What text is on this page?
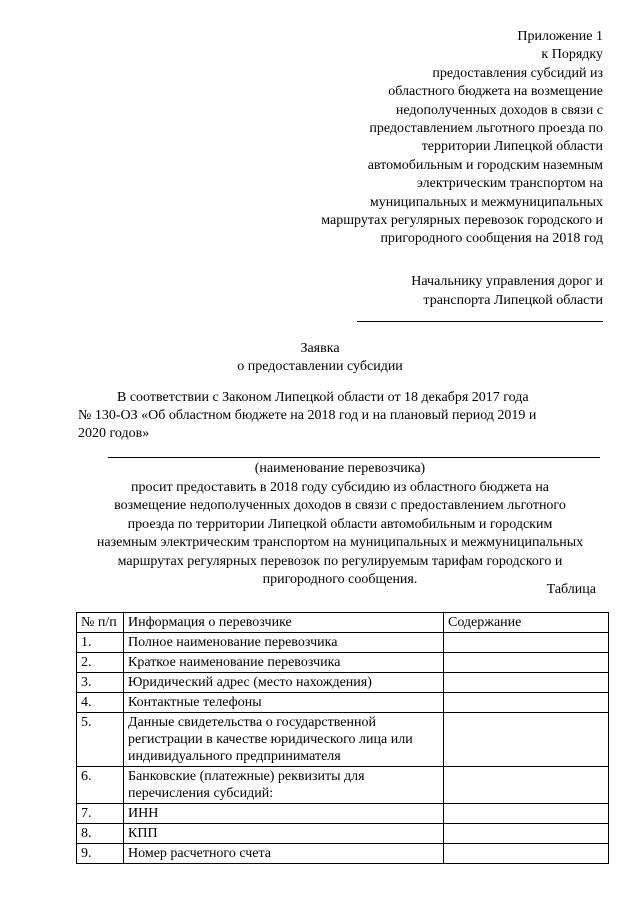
Приложение 1
к Порядку
предоставления субсидий из
областного бюджета на возмещение
недополученных доходов в связи с
предоставлением льготного проезда по
территории Липецкой области
автомобильным и городским наземным
электрическим транспортом на
муниципальных и межмуниципальных
маршрутах регулярных перевозок городского и
пригородного сообщения на 2018 год
Начальнику управления дорог и
транспорта Липецкой области
Заявка
о предоставлении субсидии
В соответствии с Законом Липецкой области от 18 декабря 2017 года
№ 130-ОЗ «Об областном бюджете на 2018 год и на плановый период 2019 и
2020 годов»
(наименование перевозчика)
просит предоставить в 2018 году субсидию из областного бюджета на
возмещение недополученных доходов в связи с предоставлением льготного
проезда по территории Липецкой области автомобильным и городским
наземным электрическим транспортом на муниципальных и межмуниципальных
маршрутах регулярных перевозок по регулируемым тарифам городского и
пригородного сообщения.
Таблица
№ п/п	Информация о перевозчике	Содержание
1.	Полное наименование перевозчика	
2.	Краткое наименование перевозчика	
3.	Юридический адрес (место нахождения)	
4.	Контактные телефоны	
5.	Данные свидетельства о государственной регистрации в качестве юридического лица или индивидуального предпринимателя	
6.	Банковские (платежные) реквизиты для перечисления субсидий:	
7.	ИНН	
8.	КПП	
9.	Номер расчетного счета	
